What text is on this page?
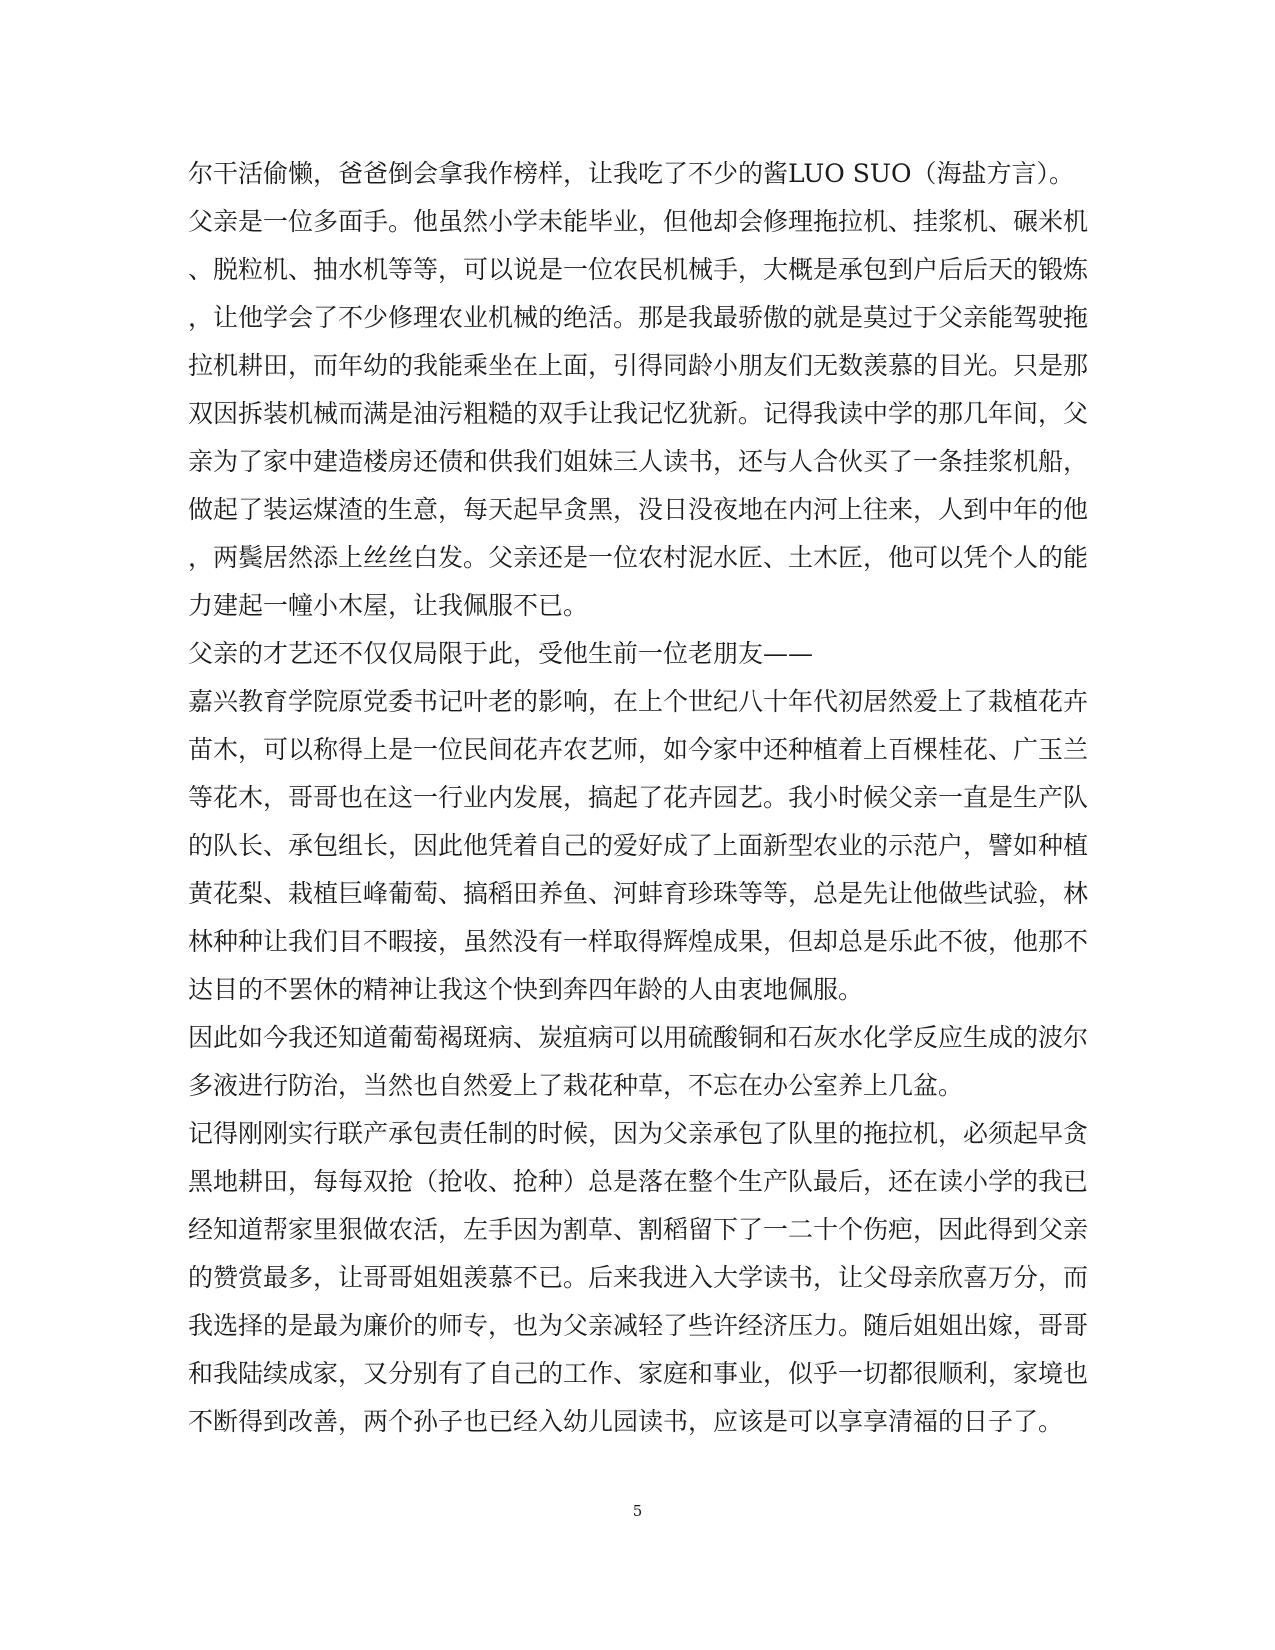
尔干活偷懒，爸爸倒会拿我作榜样，让我吃了不少的酱LUO SUO（海盐方言）。
父亲是一位多面手。他虽然小学未能毕业，但他却会修理拖拉机、挂浆机、碾米机
、脱粒机、抽水机等等，可以说是一位农民机械手，大概是承包到户后后天的锻炼
，让他学会了不少修理农业机械的绝活。那是我最骄傲的就是莫过于父亲能驾驶拖
拉机耕田，而年幼的我能乘坐在上面，引得同龄小朋友们无数羡慕的目光。只是那
双因拆装机械而满是油污粗糙的双手让我记忆犹新。记得我读中学的那几年间，父
亲为了家中建造楼房还债和供我们姐妹三人读书，还与人合伙买了一条挂浆机船，
做起了装运煤渣的生意，每天起早贪黑，没日没夜地在内河上往来，人到中年的他
，两鬓居然添上丝丝白发。父亲还是一位农村泥水匠、土木匠，他可以凭个人的能
力建起一幢小木屋，让我佩服不已。
父亲的才艺还不仅仅局限于此，受他生前一位老朋友——
嘉兴教育学院原党委书记叶老的影响，在上个世纪八十年代初居然爱上了栽植花卉
苗木，可以称得上是一位民间花卉农艺师，如今家中还种植着上百棵桂花、广玉兰
等花木，哥哥也在这一行业内发展，搞起了花卉园艺。我小时候父亲一直是生产队
的队长、承包组长，因此他凭着自己的爱好成了上面新型农业的示范户，譬如种植
黄花梨、栽植巨峰葡萄、搞稻田养鱼、河蚌育珍珠等等，总是先让他做些试验，林
林种种让我们目不暇接，虽然没有一样取得辉煌成果，但却总是乐此不彼，他那不
达目的不罢休的精神让我这个快到奔四年龄的人由衷地佩服。
因此如今我还知道葡萄褐斑病、炭疽病可以用硫酸铜和石灰水化学反应生成的波尔
多液进行防治，当然也自然爱上了栽花种草，不忘在办公室养上几盆。
记得刚刚实行联产承包责任制的时候，因为父亲承包了队里的拖拉机，必须起早贪
黑地耕田，每每双抢（抢收、抢种）总是落在整个生产队最后，还在读小学的我已
经知道帮家里狠做农活，左手因为割草、割稻留下了一二十个伤疤，因此得到父亲
的赞赏最多，让哥哥姐姐羡慕不已。后来我进入大学读书，让父母亲欣喜万分，而
我选择的是最为廉价的师专，也为父亲减轻了些许经济压力。随后姐姐出嫁，哥哥
和我陆续成家，又分别有了自己的工作、家庭和事业，似乎一切都很顺利，家境也
不断得到改善，两个孙子也已经入幼儿园读书，应该是可以享享清福的日子了。
5
